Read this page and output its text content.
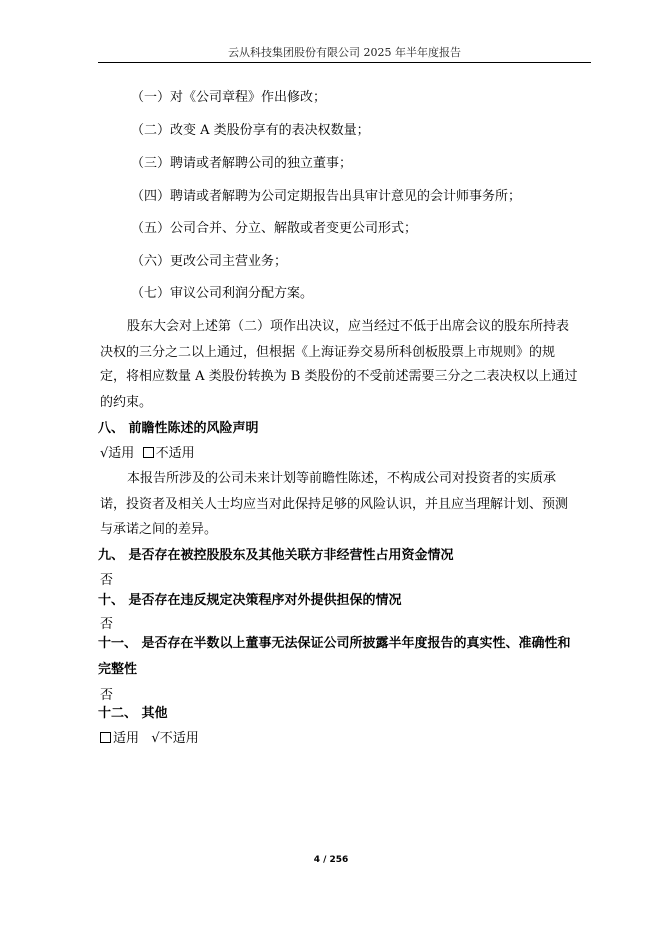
云从科技集团股份有限公司 2025 年半年度报告
（一）对《公司章程》作出修改；
（二）改变 A 类股份享有的表决权数量；
（三）聘请或者解聘公司的独立董事；
（四）聘请或者解聘为公司定期报告出具审计意见的会计师事务所；
（五）公司合并、分立、解散或者变更公司形式；
（六）更改公司主营业务；
（七）审议公司利润分配方案。
股东大会对上述第（二）项作出决议，应当经过不低于出席会议的股东所持表
决权的三分之二以上通过，但根据《上海证券交易所科创板股票上市规则》的规
定，将相应数量 A 类股份转换为 B 类股份的不受前述需要三分之二表决权以上通过
的约束。
八、 前瞻性陈述的风险声明
√适用 不适用
本报告所涉及的公司未来计划等前瞻性陈述，不构成公司对投资者的实质承
诺，投资者及相关人士均应当对此保持足够的风险认识，并且应当理解计划、预测
与承诺之间的差异。
九、 是否存在被控股股东及其他关联方非经营性占用资金情况
否
十、 是否存在违反规定决策程序对外提供担保的情况
否
十一、 是否存在半数以上董事无法保证公司所披露半年度报告的真实性、准确性和
完整性
否
十二、 其他
适用 √不适用
4 / 256
